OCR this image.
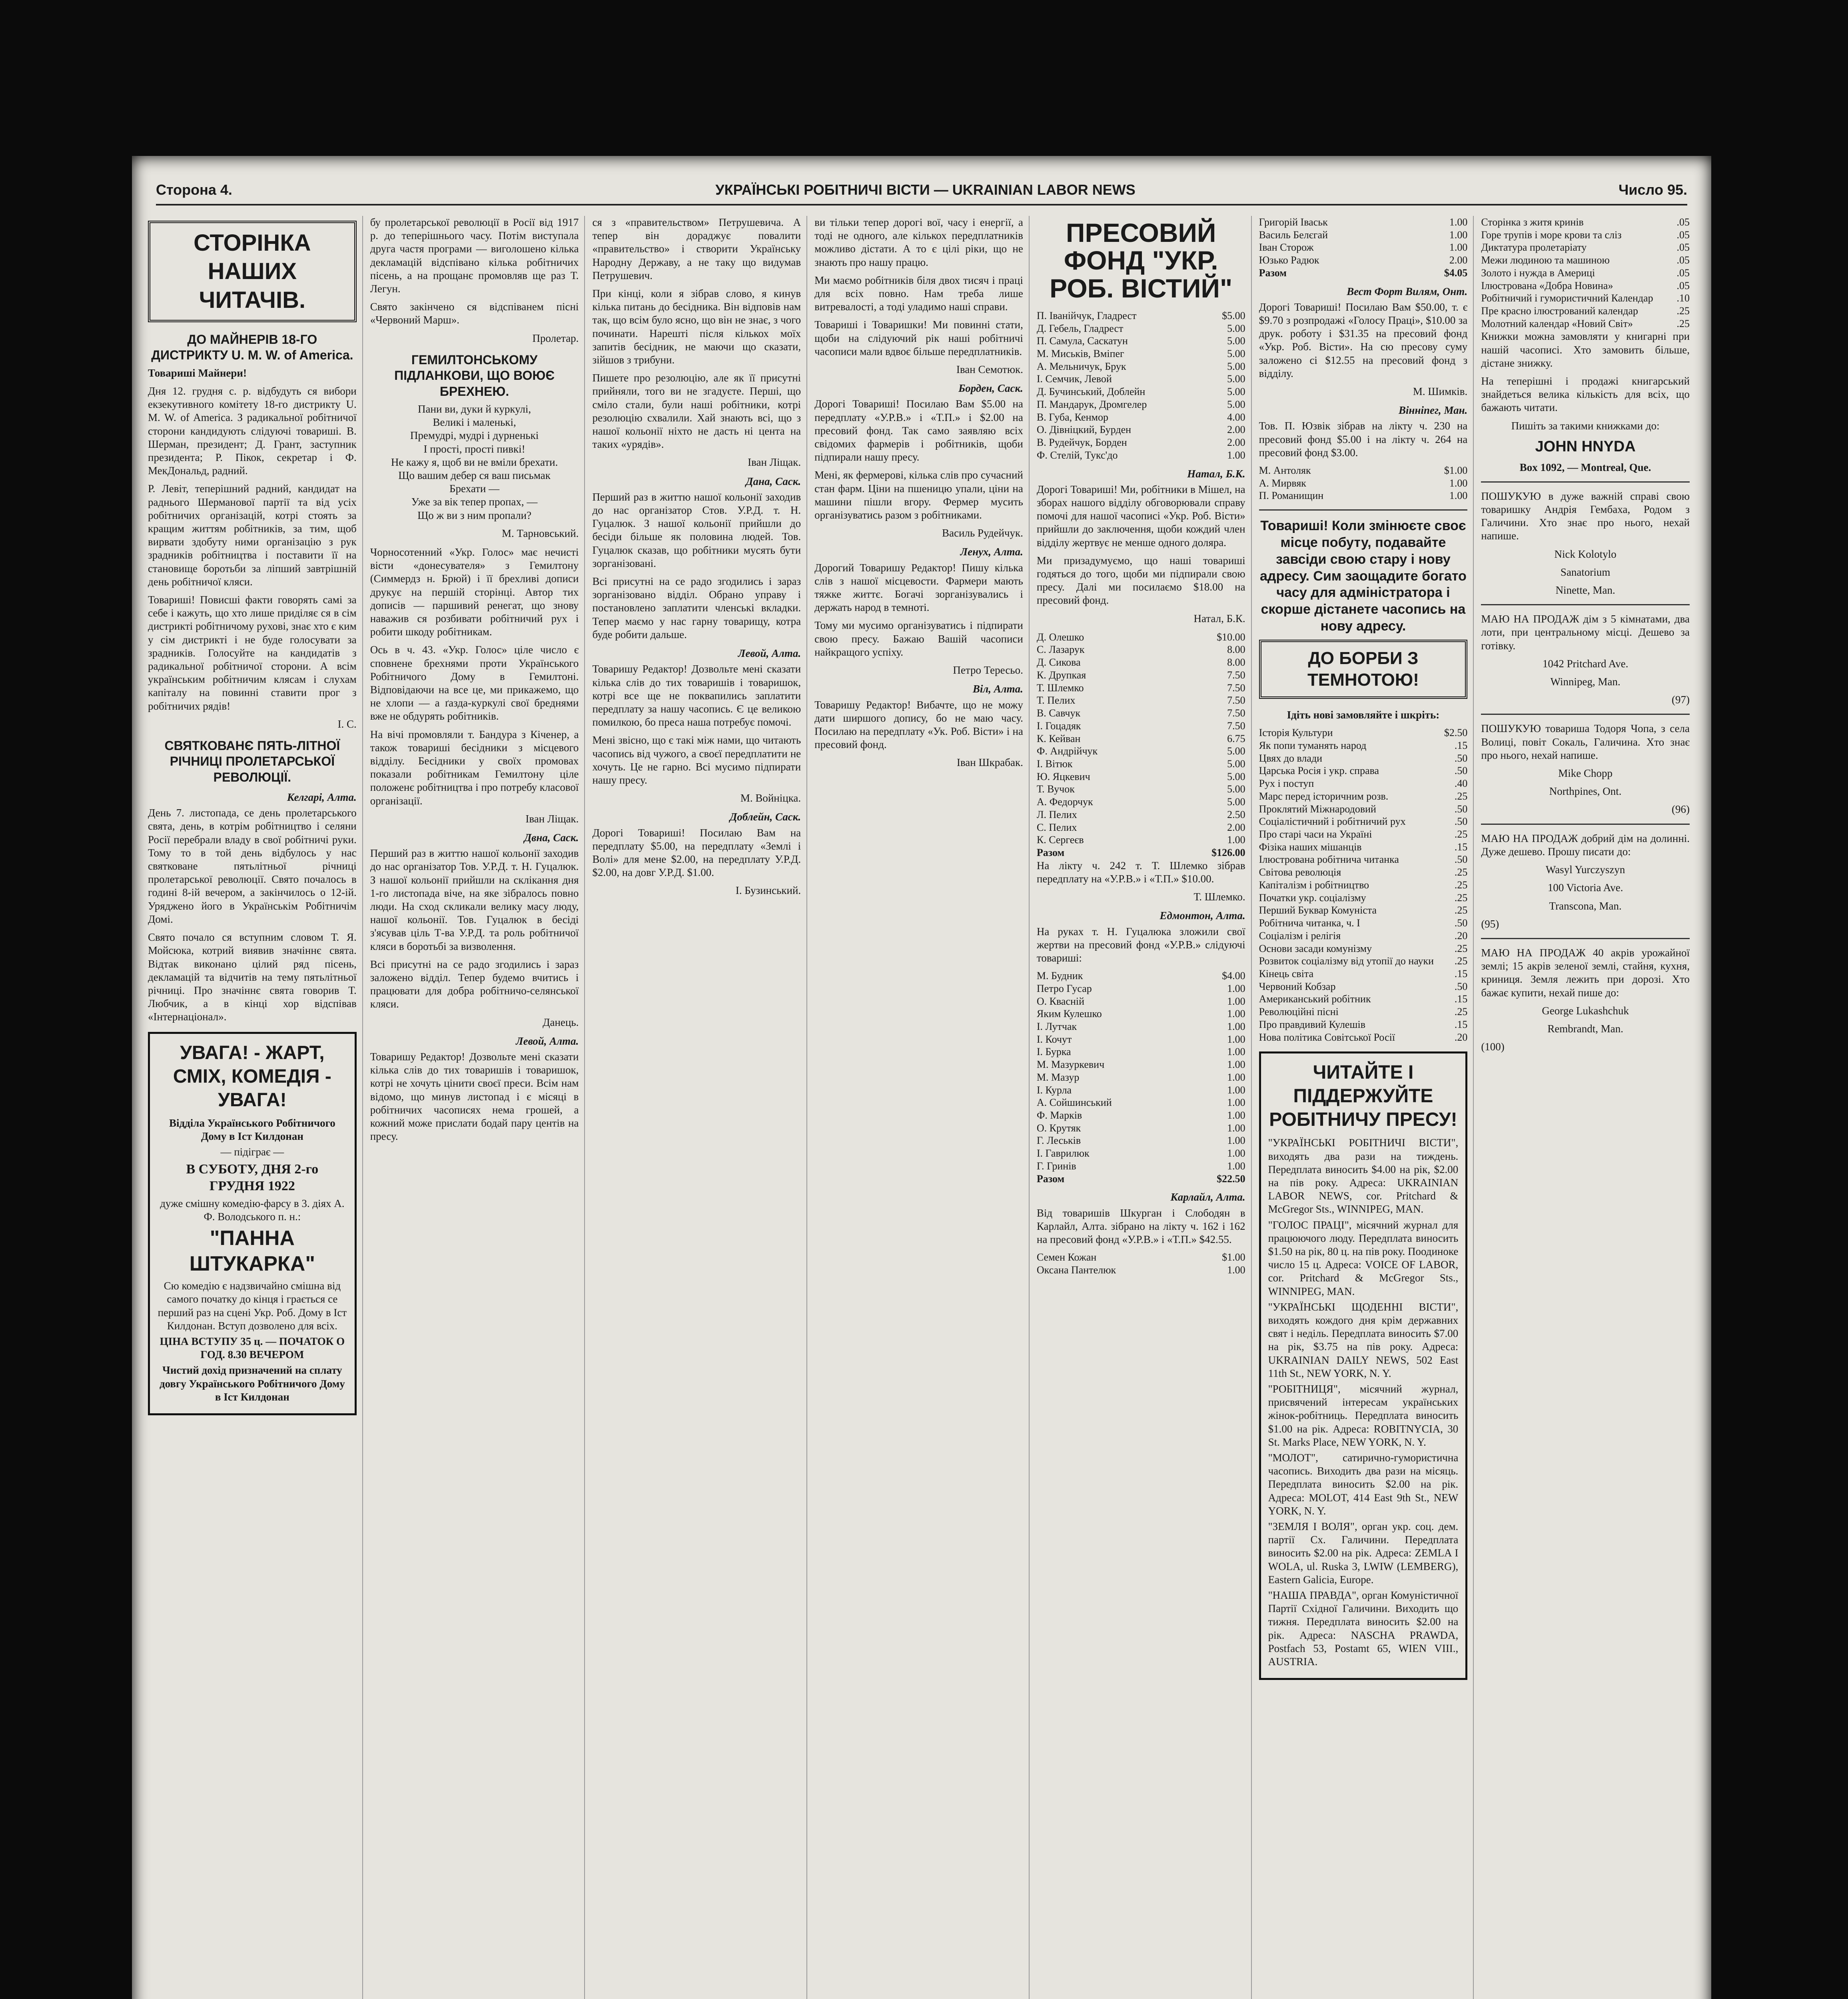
Сторона 4.	УКРАЇНСЬКІ РОБІТНИЧІ ВІСТИ — UKRAINIAN LABOR NEWS	Число 95.
СТОРІНКА НАШИХ ЧИТАЧІВ.
ДО МАЙНЕРІВ 18-ГО ДИСТРИКТУ U. M. W. of America.

Товариші Майнери!

Дня 12. грудня с. р. відбудуть ся вибори екзекутивного комітету 18-го дистрикту U. M. W. of America. З радикальної робітничої сторони кандидують слідуючі товариші. В. Шерман, президент; Д. Грант, заступник президента; Р. Пікок, секретар і Ф. МекДональд, радний.

Р. Левіт, теперішний радний, кандидат на раднього Шерманової партії та від усіх робітничих організацій, котрі стоять за кращим життям робітників, за тим, щоб вирвати здобуту ними організацію з рук зрадників робітництва і поставити її на становище боротьби за ліпший завтрішній день робітничої кляси.

Товариші! Повисші факти говорять самі за себе і кажуть, що хто лише приділяє ся в сім дистрикті робітничому рухові, знає хто є ким у сім дистрикті і не буде голосувати за зрадників. Голосуйте на кандидатів з радикальної робітничої сторони. А всім українським робітничим клясам і слухам капіталу на повинні ставити прог з робітничих рядів!

І. С.
СВЯТКОВАНЄ ПЯТЬ-ЛІТНОЇ РІЧНИЦІ ПРОЛЕТАРСЬКОЇ РЕВОЛЮЦІЇ.
Келгарі, Алта.

День 7. листопада, се день пролетарського свята, день, в котрім робітництво і селяни Росії перебрали владу в свої робітничі руки. Тому то в той день відбулось у нас святковане пятьлітньої річниці пролетарської революції. Свято почалось в годині 8-ій вечером, а закінчилось о 12-ій. Уряджено його в Українськім Робітничім Домі.

Свято почало ся вступним словом Т. Я. Мойсюка, котрий виявив значіннє свята. Відтак виконано цілий ряд пісень, декламацій та відчитів на тему пятьлітньої річниці. Про значіннє свята говорив Т. Любчик, а в кінці хор відспівав «Інтернаціонал».

УВАГА! - ЖАРТ, СМІХ, КОМЕДІЯ - УВАГА!

Відділа Українського Робітничого Дому в Іст Килдонан

— підіграє —

В СУБОТУ, ДНЯ 2-го ГРУДНЯ 1922

дуже смішну комедію-фарсу в 3. діях А. Ф. Володського п. н.:

"ПАННА ШТУКАРКА"

Сю комедію є надзвичайно смішна від самого початку до кінця і грається се перший раз на сцені Укр. Роб. Дому в Іст Килдонан. Вступ дозволено для всіх.

ЦІНА ВСТУПУ 35 ц. — ПОЧАТОК О ГОД. 8.30 ВЕЧЕРОМ

Чистий дохід призначений на сплату довгу Українського Робітничого Дому в Іст Килдонан

бу пролетарської революції в Росії від 1917 р. до теперішнього часу. Потім виступала друга частя програми — виголошено кілька декламацій відспівано кілька робітничих пісень, а на прощанє промовляв ще раз Т. Легун.

Свято закінчено ся відспіванем пісні «Червоний Марш».

Пролетар.
ГЕМИЛТОНСЬКОМУ ПІДЛАНКОВИ, ЩО ВОЮЄ БРЕХНЕЮ.

Пани ви, дуки й куркулі,
Великі і маленькі,
Премудрі, мудрі і дурненькі
І прості, прості пивкі!
Не кажу я, щоб ви не вміли брехати.
Що вашим дебер ся ваш письмак
Брехати —
Уже за вік тепер пропах, —
Що ж ви з ним пропали?

М. Тарновський.

Чорносотенний «Укр. Голос» має нечисті вісти «донесувателя» з Гемилтону (Симмердз н. Брюй) і її брехливі дописи друкує на першій сторінці. Автор тих дописів — паршивий ренегат, що знову наважив ся розбивати робітничий рух і робити шкоду робітникам.

Ось в ч. 43. «Укр. Голос» ціле число є сповнене брехнями проти Українського Робітничого Дому в Гемилтоні. Відповідаючи на все це, ми прикажемо, що не хлопи — а ґазда-куркулі свої бреднями вже не обдурять робітників.

На вічі промовляли т. Бандура з Кіченер, а також товариші бесідники з місцевого відділу. Бесідники у своїх промовах показали робітникам Гемилтону ціле положенє робітництва і про потребу класової організації.

Іван Ліщак.
Двна, Саск.

Перший раз в життю нашої кольонії заходив до нас організатор Тов. У.Р.Д. т. Н. Гуцалюк. З нашої кольонії прийшли на склікання дня 1-го листопада віче, на яке зібралось повно люди. На сход скликали велику масу люду, нашої кольонії. Тов. Гуцалюк в бесіді з'ясував ціль Т-ва У.Р.Д. та роль робітничої кляси в боротьбі за визволення.

Всі присутні на се радо згодились і зараз заложено відділ. Тепер будемо вчитись і працювати для добра робітничо-селянської кляси.

Данець.
Левой, Алта.

Товаришу Редактор! Дозвольте мені сказати кілька слів до тих товаришів і товаришок, котрі не хочуть цінити своєї преси. Всім нам відомо, що минув листопад і є місяці в робітничих часописях нема грошей, а кожний може прислати бодай пару центів на пресу.

ся з «правительством» Петрушевича. А тепер він дораджує повалити «правительство» і створити Українську Народну Державу, а не таку що видумав Петрушевич.

При кінці, коли я зібрав слово, я кинув кілька питань до бесідника. Він відповів нам так, що всім було ясно, що він не знає, з чого починати. Нарешті після кількох моїх запитів бесідник, не маючи що сказати, зійшов з трибуни.

Пишете про резолюцію, але як її присутні прийняли, того ви не згадуєте. Перші, що сміло стали, були наші робітники, котрі резолюцію схвалили. Хай знають всі, що з нашої кольонії ніхто не дасть ні цента на таких «урядів».

Іван Ліщак.
Дана, Саск.

Перший раз в життю нашої кольонії заходив до нас організатор Стов. У.Р.Д. т. Н. Гуцалюк. З нашої кольонії прийшли до бесіди більше як половина людей. Тов. Гуцалюк сказав, що робітники мусять бути зорганізовані.

Всі присутні на се радо згодились і зараз зорганізовано відділ. Обрано управу і постановлено заплатити членські вкладки. Тепер маємо у нас гарну товарищу, котра буде робити дальше.

Левой, Алта.

Товаришу Редактор! Дозвольте мені сказати кілька слів до тих товаришів і товаришок, котрі все ще не поквапились заплатити передплату за нашу часопись. Є це великою помилкою, бо преса наша потребує помочі.

Мені звісно, що є такі між нами, що читають часопись від чужого, а своєї передплатити не хочуть. Це не гарно. Всі мусимо підпирати нашу пресу.

М. Войніцка.
Доблейн, Саск.

Дорогі Товариші! Посилаю Вам на передплату $5.00, на передплату «Землі і Волі» для мене $2.00, на передплату У.Р.Д. $2.00, на довг У.Р.Д. $1.00.

І. Бузинський.

ви тільки тепер дорогі вої, часу і енергії, а тоді не одного, але кількох передплатників можливо дістати. А то є цілі ріки, що не знають про нашу працю.

Ми маємо робітників біля двох тисяч і праці для всіх повно. Нам треба лише витревалості, а тоді уладимо наші справи.

Товариші і Товаришки! Ми повинні стати, щоби на слідуючий рік наші робітничі часописи мали вдвоє більше передплатників.

Іван Семотюк.
Борден, Саск.

Дорогі Товариші! Посилаю Вам $5.00 на передплату «У.Р.В.» і «Т.П.» і $2.00 на пресовий фонд. Так само заявляю всіх свідомих фармерів і робітників, щоби підпирали нашу пресу.

Мені, як фермерові, кілька слів про сучасний стан фарм. Ціни на пшеницю упали, ціни на машини пішли вгору. Фермер мусить організуватись разом з робітниками.

Василь Рудейчук.
Ленух, Алта.

Дорогий Товаришу Редактор! Пишу кілька слів з нашої місцевости. Фармери мають тяжке життє. Богачі зорганізувались і держать народ в темноті.

Тому ми мусимо організуватись і підпирати свою пресу. Бажаю Вашій часописи найкращого успіху.

Петро Тересьо.
Віл, Алта.

Товаришу Редактор! Вибачте, що не можу дати ширшого допису, бо не маю часу. Посилаю на передплату «Ук. Роб. Вісти» і на пресовий фонд.

Іван Шкрабак.
ПРЕСОВИЙ ФОНД "УКР. РОБ. ВІСТИЙ"
П. Іванійчук, Гладрест	$5.00
Д. Гебель, Гладрест	5.00
П. Самула, Саскатун	5.00
М. Миськів, Вміпег	5.00
А. Мельничук, Брук	5.00
І. Семчик, Левой	5.00
Д. Бучинський, Доблейн	5.00
П. Мандарук, Дромгелер	5.00
В. Губа, Кенмор	4.00
О. Дівніцкий, Бурден	2.00
В. Рудейчук, Борден	2.00
Ф. Стелій, Тукс'до	1.00
Натал, Б.К.

Дорогі Товариші! Ми, робітники в Мішел, на зборах нашого відділу обговорювали справу помочі для нашої часописі «Укр. Роб. Вісти» прийшли до заключення, щоби кождий член відділу жертвує не менше одного доляра.

Ми призадумуємо, що наші товариші годяться до того, щоби ми підпирали свою пресу. Далі ми посилаємо $18.00 на пресовий фонд.

Натал, Б.К.
Д. Олешко	$10.00
С. Лазарук	8.00
Д. Сикова	8.00
К. Друпкая	7.50
Т. Шлемко	7.50
Т. Пелих	7.50
В. Савчук	7.50
І. Гоцадяк	7.50
К. Кейван	6.75
Ф. Андрійчук	5.00
І. Вітюк	5.00
Ю. Яцкевич	5.00
Т. Вучок	5.00
А. Федорчук	5.00
Л. Пелих	2.50
С. Пелих	2.00
К. Сергеєв	1.00
Разом	$126.00

На лікту ч. 242 т. Т. Шлемко зібрав передплату на «У.Р.В.» і «Т.П.» $10.00.

Т. Шлемко.
Едмонтон, Алта.

На руках т. Н. Гуцалюка зложили свої жертви на пресовий фонд «У.Р.В.» слідуючі товариші:

М. Будник	$4.00
Петро Гусар	1.00
О. Квасній	1.00
Яким Кулешко	1.00
І. Лутчак	1.00
І. Кочут	1.00
І. Бурка	1.00
М. Мазуркевич	1.00
М. Мазур	1.00
І. Курла	1.00
А. Сойшинський	1.00
Ф. Марків	1.00
О. Крутяк	1.00
Г. Леськів	1.00
І. Гаврилюк	1.00
Г. Гринів	1.00
Разом	$22.50
Карлайл, Алта.

Від товаришів Шкурган і Слободян в Карлайл, Алта. зібрано на лікту ч. 162 і 162 на пресовий фонд «У.Р.В.» і «Т.П.» $42.55.

Семен Кожан	$1.00
Оксана Пантелюк	1.00
Григорій Іваськ	1.00
Василь Белєгай	1.00
Іван Сторож	1.00
Юзько Радюк	2.00
Разом	$4.05
Вест Форт Вилям, Онт.

Дорогі Товариші! Посилаю Вам $50.00, т. є $9.70 з розпродажі «Голосу Праці», $10.00 за друк. роботу і $31.35 на пресовий фонд «Укр. Роб. Вісти». На сю пресову суму заложено сі $12.55 на пресовий фонд з відділу.

М. Шимків.
Вінніпег, Ман.

Тов. П. Юзвік зібрав на лікту ч. 230 на пресовий фонд $5.00 і на лікту ч. 264 на пресовий фонд $3.00.

М. Антоляк	$1.00
А. Мирвяк	1.00
П. Романищин	1.00

Товариші! Коли змінюєте своє місце побуту, подавайте завсіди свою стару і нову адресу. Сим заощадите богато часу для адміністратора і скорше дістанете часопись на нову адресу.

ДО БОРБИ З ТЕМНОТОЮ!

Ідіть нові замовляйте і шкріть:

Історія Культури	$2.50
Як попи туманять народ	.15
Цвях до влади	.50
Царська Росія і укр. справа	.50
Рух і поступ	.40
Марс перед історичним розв.	.25
Проклятий Міжнародовий	.50
Соціалістичний і робітничий рух	.50
Про старі часи на Україні	.25
Фізіка наших мішанців	.15
Ілюстрована робітнича читанка	.50
Світова революція	.25
Капіталізм і робітництво	.25
Початки укр. соціалізму	.25
Перший Буквар Комуніста	.25
Робітнича читанка, ч. І	.50
Соціалізм і релігія	.20
Основи засади комунізму	.25
Розвиток соціалізму від утопії до науки .25
Кінець світа	.15
Червоний Кобзар	.50
Американський робітник	.15
Революційні пісні	.25
Про правдивий Кулешів	.15
Нова політика Совітської Росії	.20
ЧИТАЙТЕ І ПІДДЕРЖУЙТЕ РОБІТНИЧУ ПРЕСУ!

"УКРАЇНСЬКІ РОБІТНИЧІ ВІСТИ", виходять два рази на тиждень. Передплата виносить $4.00 на рік, $2.00 на пів року. Адреса: UKRAINIAN LABOR NEWS, cor. Pritchard & McGregor Sts., WINNIPEG, MAN.

"ГОЛОС ПРАЦІ", місячний журнал для працюючого люду. Передплата виносить $1.50 на рік, 80 ц. на пів року. Поодиноке число 15 ц. Адреса: VOICE OF LABOR, cor. Pritchard & McGregor Sts., WINNIPEG, MAN.

"УКРАЇНСЬКІ ЩОДЕННІ ВІСТИ", виходять кождого дня крім державних свят і неділь. Передплата виносить $7.00 на рік, $3.75 на пів року. Адреса: UKRAINIAN DAILY NEWS, 502 East 11th St., NEW YORK, N. Y.

"РОБІТНИЦЯ", місячний журнал, присвячений інтересам українських жінок-робітниць. Передплата виносить $1.00 на рік. Адреса: ROBITNYCIA, 30 St. Marks Place, NEW YORK, N. Y.

"МОЛОТ", сатирично-гумористична часопись. Виходить два рази на місяць. Передплата виносить $2.00 на рік. Адреса: MOLOT, 414 East 9th St., NEW YORK, N. Y.

"ЗЕМЛЯ І ВОЛЯ", орган укр. соц. дем. партії Сх. Галичини. Передплата виносить $2.00 на рік. Адреса: ZEMLA I WOLA, ul. Ruska 3, LWIW (LEMBERG), Eastern Galicia, Europe.

"НАША ПРАВДА", орган Комуністичної Партії Східної Галичини. Виходить що тижня. Передплата виносить $2.00 на рік. Адреса: NASCHA PRAWDA, Postfach 53, Postamt 65, WIEN VIII., AUSTRIA.

Сторінка з житя кринів	.05
Горе трупів і море крови та сліз	.05
Диктатура пролетаріату	.05
Межи людиною та машиною	.05
Золото і нужда в Америці	.05
Ілюстрована «Добра Новина»	.05
Робітничий і гумористичний Календар .10
Пре красно ілюстрований календар	.25
Молотний календар «Новий Світ»	.25

Книжки можна замовляти у книгарні при нашій часописі. Хто замовить більше, дістане знижку.

На теперішні і продажі книгарський знайдеться велика кількість для всіх, що бажають читати.

Пишіть за такими книжками до:

JOHN HNYDA

Box 1092, — Montreal, Que.

ПОШУКУЮ в дуже важній справі свою товаришку Андрія Гембаха, Родом з Галичини. Хто знає про нього, нехай напише.

Nick Kolotylo

Sanatorium

Ninette, Man.

МАЮ НА ПРОДАЖ дім з 5 кімнатами, два лоти, при центральному місці. Дешево за готівку.

1042 Pritchard Ave.

Winnipeg, Man.

(97)

ПОШУКУЮ товариша Тодоря Чопа, з села Волиці, повіт Сокаль, Галичина. Хто знає про нього, нехай напише.

Mike Chopp

Northpines, Ont.

(96)

МАЮ НА ПРОДАЖ добрий дім на долинні. Дуже дешево. Прошу писати до:

Wasyl Yurczyszyn

100 Victoria Ave.

Transcona, Man.

(95)

МАЮ НА ПРОДАЖ 40 акрів урожайної землі; 15 акрів зеленої землі, стайня, кухня, криниця. Земля лежить при дорозі. Хто бажає купити, нехай пише до:

George Lukashchuk

Rembrandt, Man.

(100)
